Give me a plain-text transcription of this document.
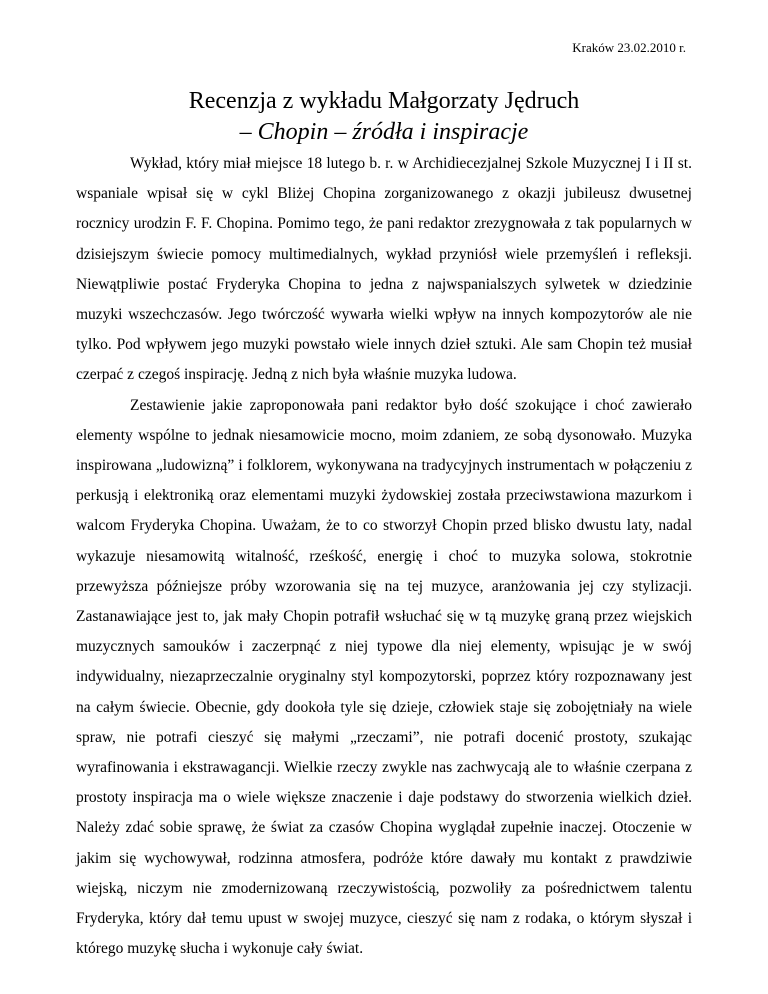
Kraków 23.02.2010 r.
Recenzja z wykładu Małgorzaty Jędruch
– Chopin – źródła i inspiracje

Wykład, który miał miejsce 18 lutego b. r. w Archidiecezjalnej Szkole Muzycznej I i II st. wspaniale wpisał się w cykl Bliżej Chopina zorganizowanego z okazji jubileusz dwusetnej rocznicy urodzin F. F. Chopina. Pomimo tego, że pani redaktor zrezygnowała z tak popularnych w dzisiejszym świecie pomocy multimedialnych, wykład przyniósł wiele przemyśleń i refleksji. Niewątpliwie postać Fryderyka Chopina to jedna z najwspanialszych sylwetek w dziedzinie muzyki wszechczasów. Jego twórczość wywarła wielki wpływ na innych kompozytorów ale nie tylko. Pod wpływem jego muzyki powstało wiele innych dzieł sztuki. Ale sam Chopin też musiał czerpać z czegoś inspirację. Jedną z nich była właśnie muzyka ludowa.

Zestawienie jakie zaproponowała pani redaktor było dość szokujące i choć zawierało elementy wspólne to jednak niesamowicie mocno, moim zdaniem, ze sobą dysonowało. Muzyka inspirowana „ludowizną” i folklorem, wykonywana na tradycyjnych instrumentach w połączeniu z perkusją i elektroniką oraz elementami muzyki żydowskiej została przeciwstawiona mazurkom i walcom Fryderyka Chopina. Uważam, że to co stworzył Chopin przed blisko dwustu laty, nadal wykazuje niesamowitą witalność, rześkość, energię i choć to muzyka solowa, stokrotnie przewyższa późniejsze próby wzorowania się na tej muzyce, aranżowania jej czy stylizacji. Zastanawiające jest to, jak mały Chopin potrafił wsłuchać się w tą muzykę graną przez wiejskich muzycznych samouków i zaczerpnąć z niej typowe dla niej elementy, wpisując je w swój indywidualny, niezaprzeczalnie oryginalny styl kompozytorski, poprzez który rozpoznawany jest na całym świecie. Obecnie, gdy dookoła tyle się dzieje, człowiek staje się zobojętniały na wiele spraw, nie potrafi cieszyć się małymi „rzeczami”, nie potrafi docenić prostoty, szukając wyrafinowania i ekstrawagancji. Wielkie rzeczy zwykle nas zachwycają ale to właśnie czerpana z prostoty inspiracja ma o wiele większe znaczenie i daje podstawy do stworzenia wielkich dzieł. Należy zdać sobie sprawę, że świat za czasów Chopina wyglądał zupełnie inaczej. Otoczenie w jakim się wychowywał, rodzinna atmosfera, podróże które dawały mu kontakt z prawdziwie wiejską, niczym nie zmodernizowaną rzeczywistością, pozwoliły za pośrednictwem talentu Fryderyka, który dał temu upust w swojej muzyce, cieszyć się nam z rodaka, o którym słyszał i którego muzykę słucha i wykonuje cały świat.
